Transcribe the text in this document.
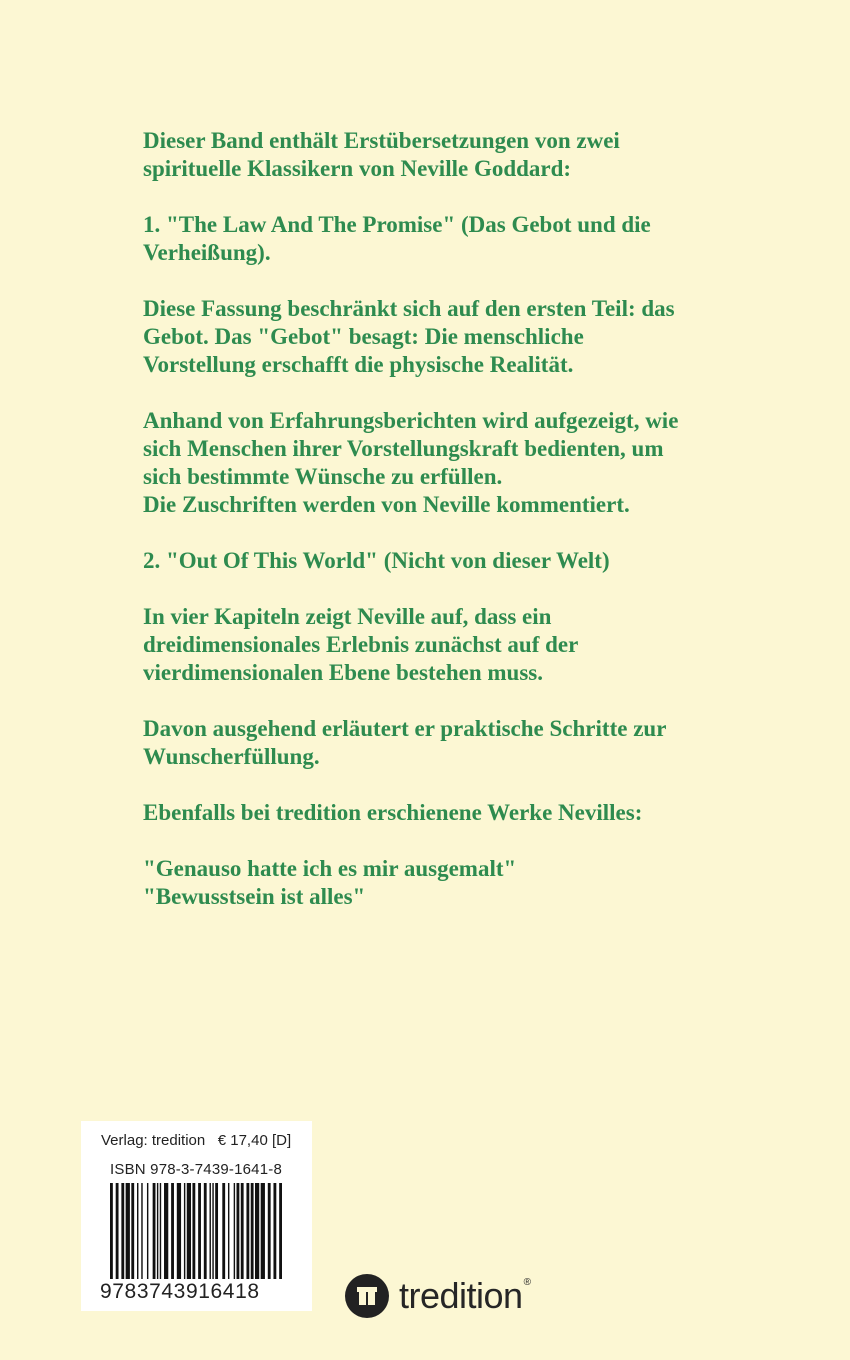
Dieser Band enthält Erstübersetzungen von zwei
spirituelle Klassikern von Neville Goddard:

1. "The Law And The Promise" (Das Gebot und die
Verheißung).

Diese Fassung beschränkt sich auf den ersten Teil: das
Gebot. Das "Gebot" besagt: Die menschliche
Vorstellung erschafft die physische Realität.

Anhand von Erfahrungsberichten wird aufgezeigt, wie
sich Menschen ihrer Vorstellungskraft bedienten, um
sich bestimmte Wünsche zu erfüllen.
Die Zuschriften werden von Neville kommentiert.

2. "Out Of This World" (Nicht von dieser Welt)

In vier Kapiteln zeigt Neville auf, dass ein
dreidimensionales Erlebnis zunächst auf der
vierdimensionalen Ebene bestehen muss.

Davon ausgehend erläutert er praktische Schritte zur
Wunscherfüllung.

Ebenfalls bei tredition erschienene Werke Nevilles:

"Genauso hatte ich es mir ausgemalt"
"Bewusstsein ist alles"

Verlag: tredition   € 17,40 [D]
ISBN 978-3-7439-1641-8
9783743916418	tredition ®
